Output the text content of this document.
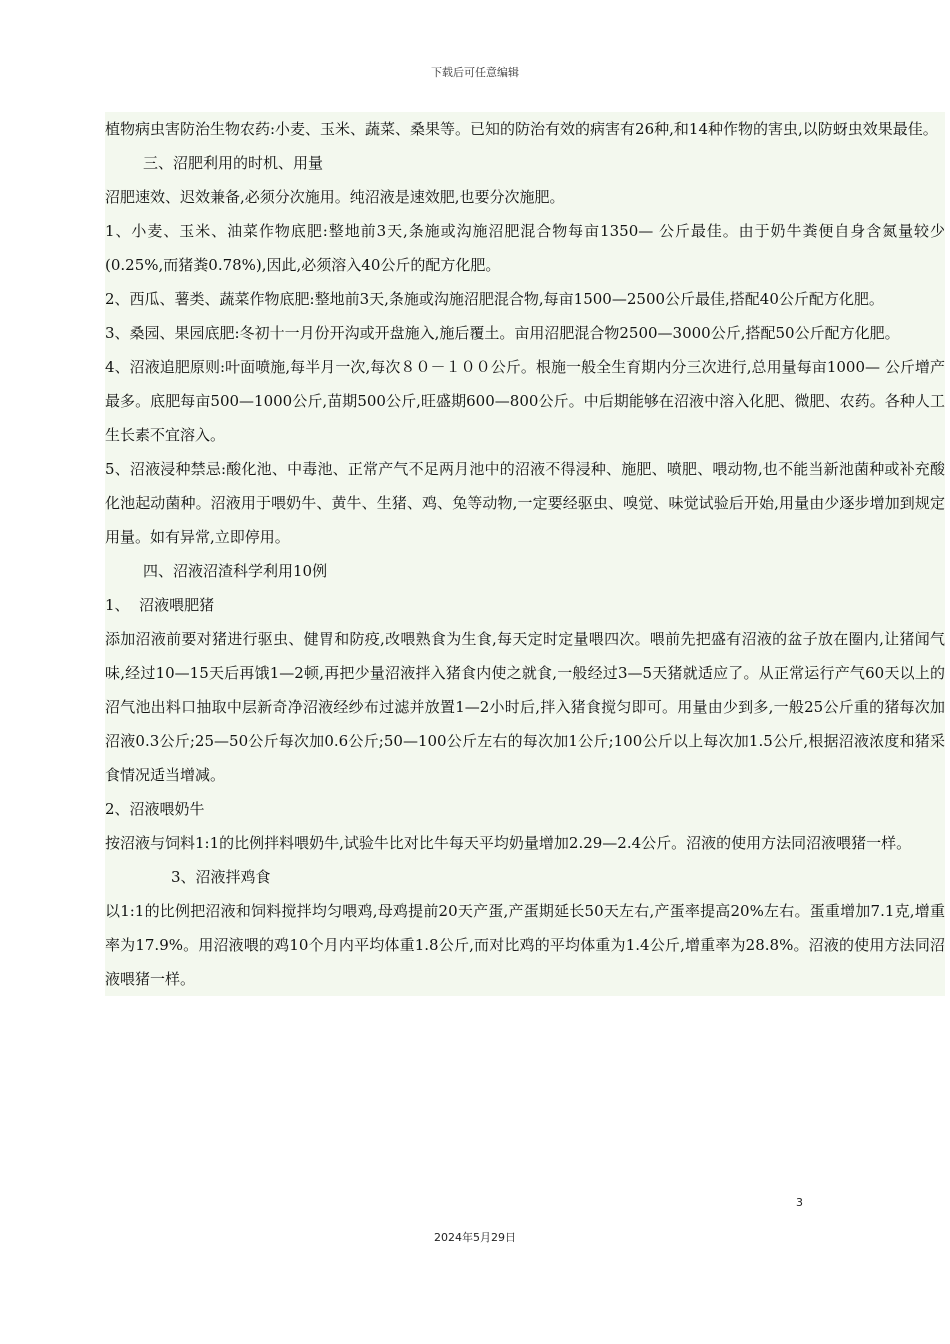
下载后可任意编辑

植物病虫害防治生物农药:小麦、玉米、蔬菜、桑果等。已知的防治有效的病害有26种,和14种作物的害虫,以防蚜虫效果最佳。

三、沼肥利用的时机、用量

沼肥速效、迟效兼备,必须分次施用。纯沼液是速效肥,也要分次施肥。

1、小麦、玉米、油菜作物底肥:整地前3天,条施或沟施沼肥混合物每亩1350— 公斤最佳。由于奶牛粪便自身含氮量较少(0.25%,而猪粪0.78%),因此,必须溶入40公斤的配方化肥。

2、西瓜、薯类、蔬菜作物底肥:整地前3天,条施或沟施沼肥混合物,每亩1500—2500公斤最佳,搭配40公斤配方化肥。

3、桑园、果园底肥:冬初十一月份开沟或开盘施入,施后覆土。亩用沼肥混合物2500—3000公斤,搭配50公斤配方化肥。

4、沼液追肥原则:叶面喷施,每半月一次,每次８０－１００公斤。根施一般全生育期内分三次进行,总用量每亩1000— 公斤增产最多。底肥每亩500—1000公斤,苗期500公斤,旺盛期600—800公斤。中后期能够在沼液中溶入化肥、微肥、农药。各种人工生长素不宜溶入。

5、沼液浸种禁忌:酸化池、中毒池、正常产气不足两月池中的沼液不得浸种、施肥、喷肥、喂动物,也不能当新池菌种或补充酸化池起动菌种。沼液用于喂奶牛、黄牛、生猪、鸡、兔等动物,一定要经驱虫、嗅觉、味觉试验后开始,用量由少逐步增加到规定用量。如有异常,立即停用。

四、沼液沼渣科学利用10例

1、  沼液喂肥猪

添加沼液前要对猪进行驱虫、健胃和防疫,改喂熟食为生食,每天定时定量喂四次。喂前先把盛有沼液的盆子放在圈内,让猪闻气味,经过10—15天后再饿1—2顿,再把少量沼液拌入猪食内使之就食,一般经过3—5天猪就适应了。从正常运行产气60天以上的沼气池出料口抽取中层新奇净沼液经纱布过滤并放置1—2小时后,拌入猪食搅匀即可。用量由少到多,一般25公斤重的猪每次加沼液0.3公斤;25—50公斤每次加0.6公斤;50—100公斤左右的每次加1公斤;100公斤以上每次加1.5公斤,根据沼液浓度和猪采食情况适当增减。

2、沼液喂奶牛

按沼液与饲料1:1的比例拌料喂奶牛,试验牛比对比牛每天平均奶量增加2.29—2.4公斤。沼液的使用方法同沼液喂猪一样。

3、沼液拌鸡食

以1:1的比例把沼液和饲料搅拌均匀喂鸡,母鸡提前20天产蛋,产蛋期延长50天左右,产蛋率提高20%左右。蛋重增加7.1克,增重率为17.9%。用沼液喂的鸡10个月内平均体重1.8公斤,而对比鸡的平均体重为1.4公斤,增重率为28.8%。沼液的使用方法同沼液喂猪一样。

3
2024年5月29日
